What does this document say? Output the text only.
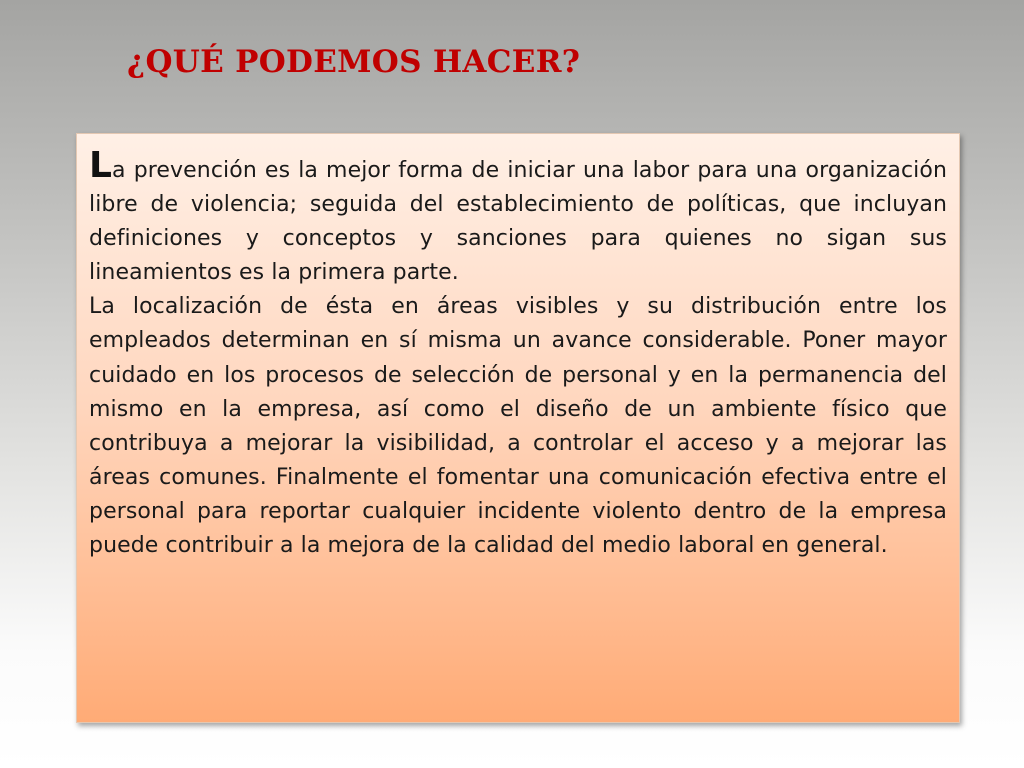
¿QUÉ PODEMOS HACER?

La prevención es la mejor forma de iniciar una labor para una organización libre de violencia; seguida del establecimiento de políticas, que incluyan definiciones y conceptos y sanciones para quienes no sigan sus lineamientos es la primera parte.

La localización de ésta en áreas visibles y su distribución entre los empleados determinan en sí misma un avance considerable. Poner mayor cuidado en los procesos de selección de personal y en la permanencia del mismo en la empresa, así como el diseño de un ambiente físico que contribuya a mejorar la visibilidad, a controlar el acceso y a mejorar las áreas comunes. Finalmente el fomentar una comunicación efectiva entre el personal para reportar cualquier incidente violento dentro de la empresa puede contribuir a la mejora de la calidad del medio laboral en general.
